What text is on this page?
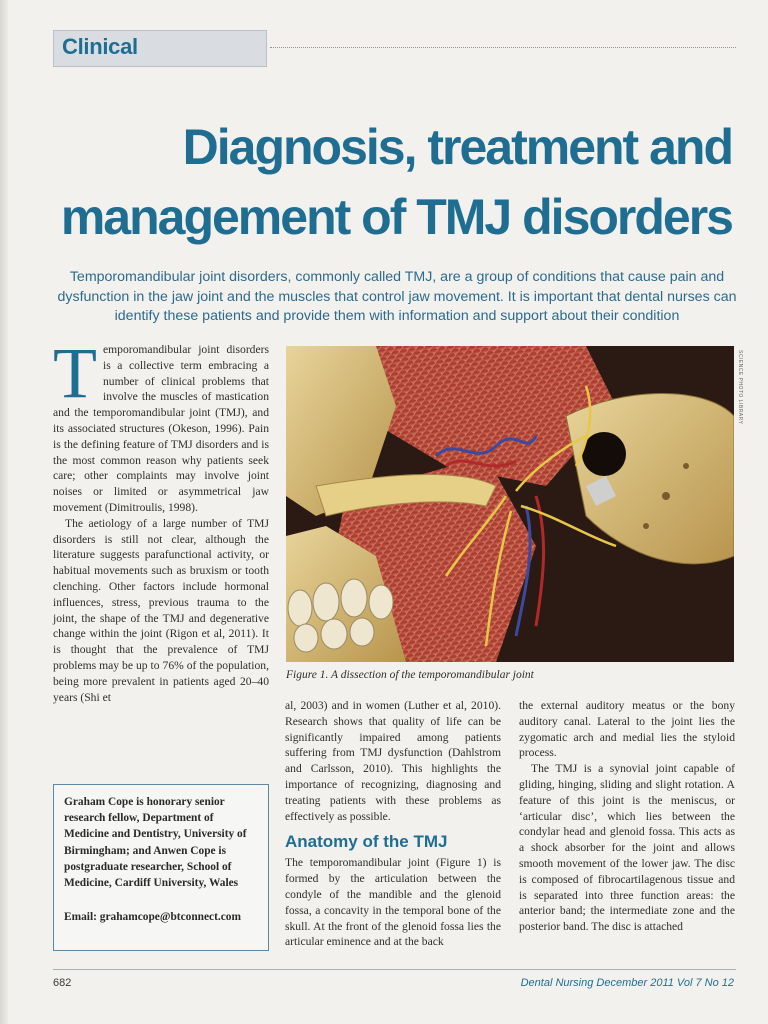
Clinical
Diagnosis, treatment and
management of TMJ disorders
Temporomandibular joint disorders, commonly called TMJ, are a group of conditions that cause pain and dysfunction in the jaw joint and the muscles that control jaw movement. It is important that dental nurses can identify these patients and provide them with information and support about their condition

Temporomandibular joint disorders is a collective term embracing a number of clinical problems that involve the muscles of mastication and the temporomandibular joint (TMJ), and its associated structures (Okeson, 1996). Pain is the defining feature of TMJ disorders and is the most common reason why patients seek care; other complaints may involve joint noises or limited or asymmetrical jaw movement (Dimitroulis, 1998).

The aetiology of a large number of TMJ disorders is still not clear, although the literature suggests parafunctional activity, or habitual movements such as bruxism or tooth clenching. Other factors include hormonal influences, stress, previous trauma to the joint, the shape of the TMJ and degenerative change within the joint (Rigon et al, 2011). It is thought that the prevalence of TMJ problems may be up to 76% of the population, being more prevalent in patients aged 20–40 years (Shi et

SCIENCE PHOTO LIBRARY
Figure 1. A dissection of the temporomandibular joint

al, 2003) and in women (Luther et al, 2010). Research shows that quality of life can be significantly impaired among patients suffering from TMJ dysfunction (Dahlstrom and Carlsson, 2010). This highlights the importance of recognizing, diagnosing and treating patients with these problems as effectively as possible.

Anatomy of the TMJ

The temporomandibular joint (Figure 1) is formed by the articulation between the condyle of the mandible and the glenoid fossa, a concavity in the temporal bone of the skull. At the front of the glenoid fossa lies the articular eminence and at the back

the external auditory meatus or the bony auditory canal. Lateral to the joint lies the zygomatic arch and medial lies the styloid process.

The TMJ is a synovial joint capable of gliding, hinging, sliding and slight rotation. A feature of this joint is the meniscus, or ‘articular disc’, which lies between the condylar head and glenoid fossa. This acts as a shock absorber for the joint and allows smooth movement of the lower jaw. The disc is composed of fibrocartilagenous tissue and is separated into three function areas: the anterior band; the intermediate zone and the posterior band. The disc is attached

Graham Cope is honorary senior research fellow, Department of Medicine and Dentistry, University of Birmingham; and Anwen Cope is postgraduate researcher, School of Medicine, Cardiff University, Wales
Email: grahamcope@btconnect.com
682	Dental Nursing December 2011 Vol 7 No 12
